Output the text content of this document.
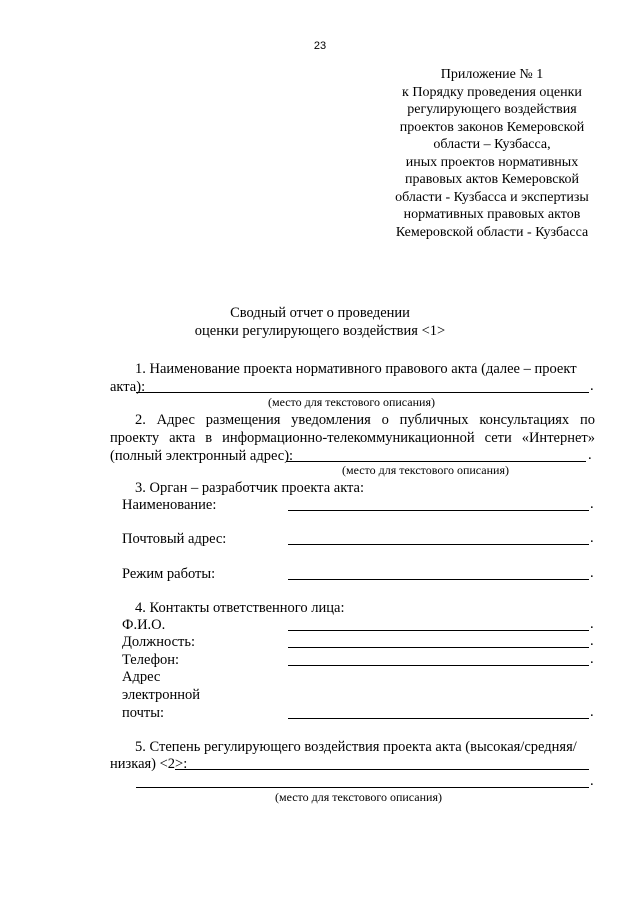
23
Приложение № 1
к Порядку проведения оценки
регулирующего воздействия
проектов законов Кемеровской
области – Кузбасса,
иных проектов нормативных
правовых актов Кемеровской
области - Кузбасса и экспертизы
нормативных правовых актов
Кемеровской области - Кузбасса
Сводный отчет о проведении
оценки регулирующего воздействия <1>
1. Наименование проекта нормативного правового акта (далее – проект
акта):	.
(место для текстового описания)
2. Адрес размещения уведомления о публичных консультациях по
проекту акта в информационно-телекоммуникационной сети «Интернет»
(полный электронный адрес):	.
(место для текстового описания)
3. Орган – разработчик проекта акта:
Наименование:	.
Почтовый адрес:	.
Режим работы:	.
4. Контакты ответственного лица:
Ф.И.О.	.
Должность:	.
Телефон:	.
Адрес
электронной
почты:	.
5. Степень регулирующего воздействия проекта акта (высокая/средняя/
низкая) <2>:
.
(место для текстового описания)
